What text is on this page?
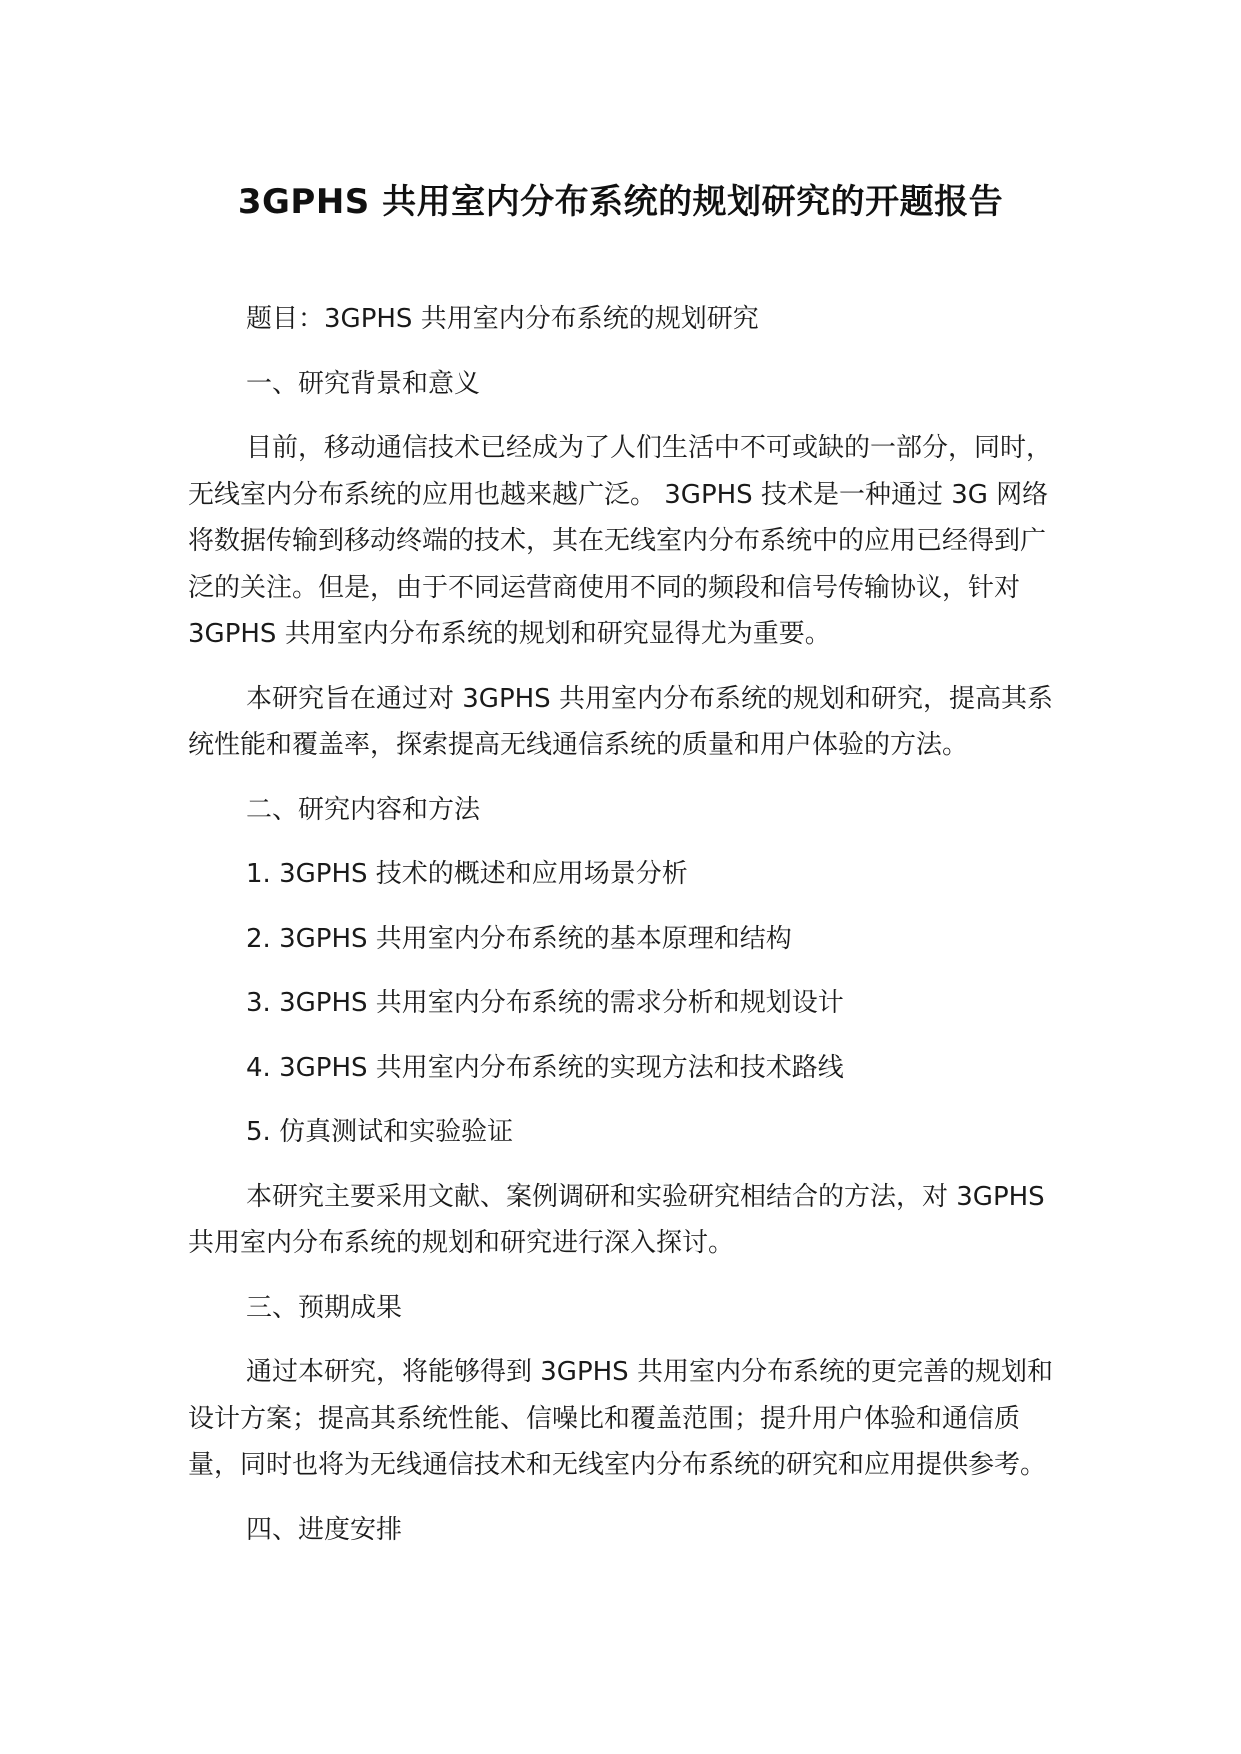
3GPHS 共用室内分布系统的规划研究的开题报告

题目：3GPHS 共用室内分布系统的规划研究

一、研究背景和意义

目前，移动通信技术已经成为了人们生活中不可或缺的一部分，同时，无线室内分布系统的应用也越来越广泛。 3GPHS 技术是一种通过 3G 网络将数据传输到移动终端的技术，其在无线室内分布系统中的应用已经得到广泛的关注。但是，由于不同运营商使用不同的频段和信号传输协议，针对 3GPHS 共用室内分布系统的规划和研究显得尤为重要。

本研究旨在通过对 3GPHS 共用室内分布系统的规划和研究，提高其系统性能和覆盖率，探索提高无线通信系统的质量和用户体验的方法。

二、研究内容和方法

1. 3GPHS 技术的概述和应用场景分析

2. 3GPHS 共用室内分布系统的基本原理和结构

3. 3GPHS 共用室内分布系统的需求分析和规划设计

4. 3GPHS 共用室内分布系统的实现方法和技术路线

5. 仿真测试和实验验证

本研究主要采用文献、案例调研和实验研究相结合的方法，对 3GPHS 共用室内分布系统的规划和研究进行深入探讨。

三、预期成果

通过本研究，将能够得到 3GPHS 共用室内分布系统的更完善的规划和设计方案；提高其系统性能、信噪比和覆盖范围；提升用户体验和通信质量，同时也将为无线通信技术和无线室内分布系统的研究和应用提供参考。

四、进度安排
